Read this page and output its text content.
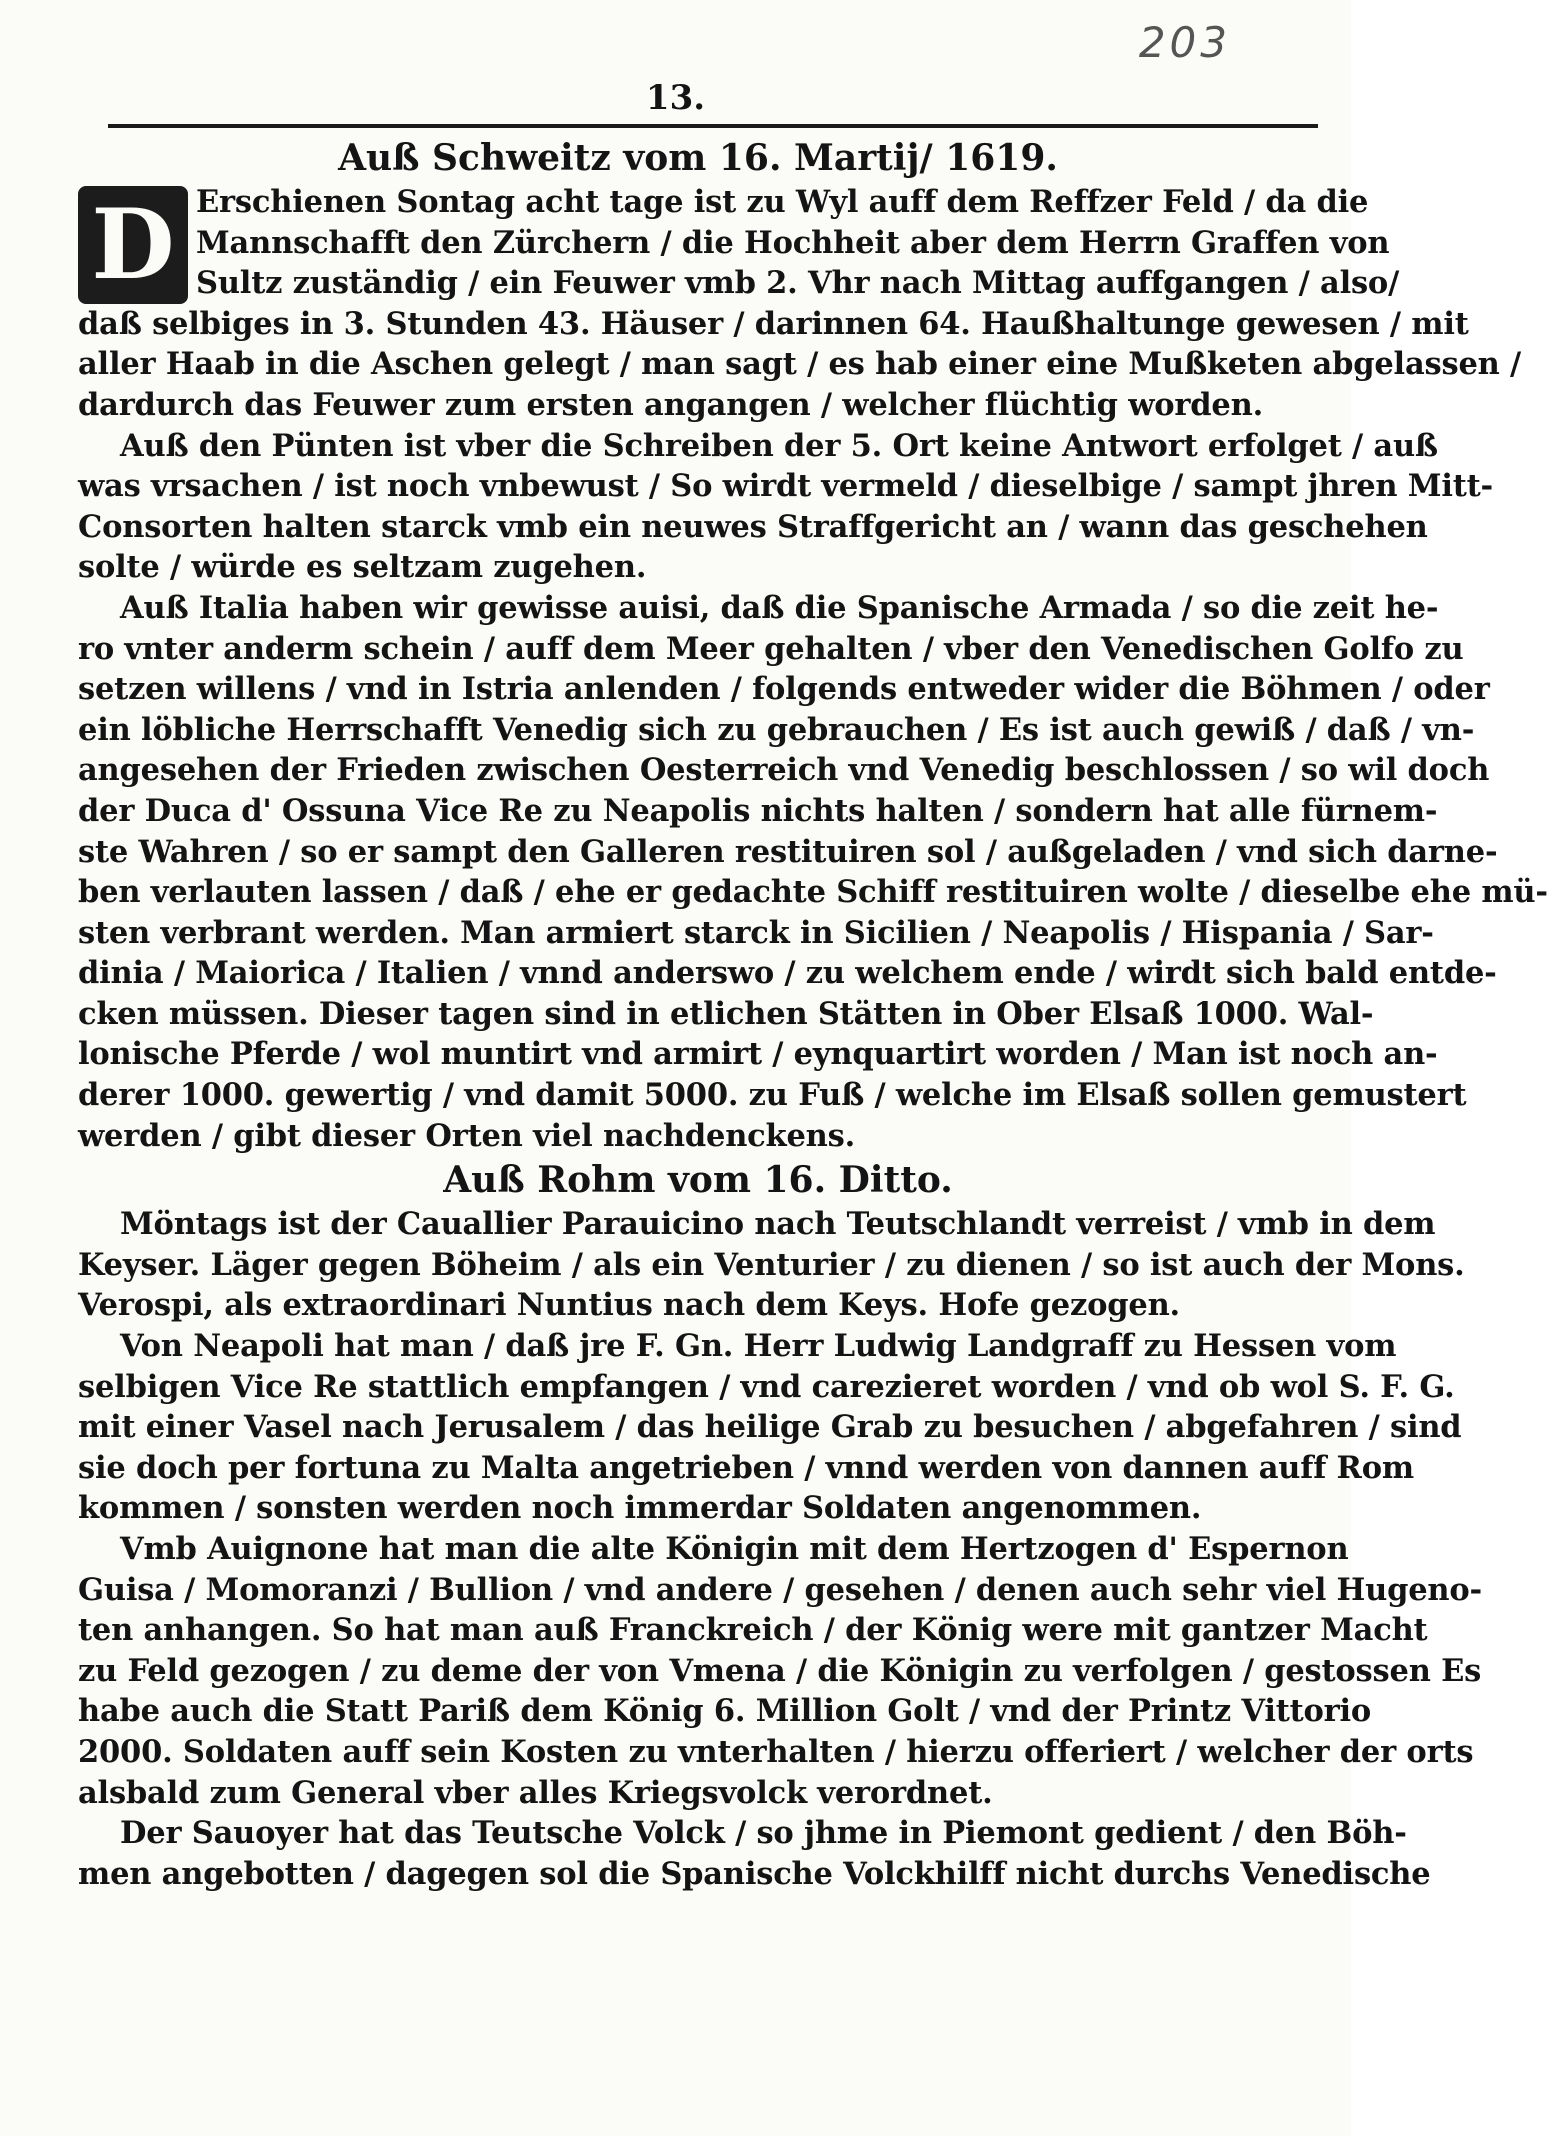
203
13.
Auß Schweitz vom 16. Martij/ 1619.
D Erschienen Sontag acht tage ist zu Wyl auff dem Reffzer Feld / da die
Mannschafft den Zürchern / die Hochheit aber dem Herrn Graffen von
Sultz zuständig / ein Feuwer vmb 2. Vhr nach Mittag auffgangen / also/
daß selbiges in 3. Stunden 43. Häuser / darinnen 64. Haußhaltunge gewesen / mit
aller Haab in die Aschen gelegt / man sagt / es hab einer eine Mußketen abgelassen /
dardurch das Feuwer zum ersten angangen / welcher flüchtig worden.

Auß den Pünten ist vber die Schreiben der 5. Ort keine Antwort erfolget / auß
was vrsachen / ist noch vnbewust / So wirdt vermeld / dieselbige / sampt jhren Mitt-
Consorten halten starck vmb ein neuwes Straffgericht an / wann das geschehen
solte / würde es seltzam zugehen.

Auß Italia haben wir gewisse auisi, daß die Spanische Armada / so die zeit he-
ro vnter anderm schein / auff dem Meer gehalten / vber den Venedischen Golfo zu
setzen willens / vnd in Istria anlenden / folgends entweder wider die Böhmen / oder
ein löbliche Herrschafft Venedig sich zu gebrauchen / Es ist auch gewiß / daß / vn-
angesehen der Frieden zwischen Oesterreich vnd Venedig beschlossen / so wil doch
der Duca d' Ossuna Vice Re zu Neapolis nichts halten / sondern hat alle fürnem-
ste Wahren / so er sampt den Galleren restituiren sol / außgeladen / vnd sich darne-
ben verlauten lassen / daß / ehe er gedachte Schiff restituiren wolte / dieselbe ehe mü-
sten verbrant werden. Man armiert starck in Sicilien / Neapolis / Hispania / Sar-
dinia / Maiorica / Italien / vnnd anderswo / zu welchem ende / wirdt sich bald entde-
cken müssen. Dieser tagen sind in etlichen Stätten in Ober Elsaß 1000. Wal-
lonische Pferde / wol muntirt vnd armirt / eynquartirt worden / Man ist noch an-
derer 1000. gewertig / vnd damit 5000. zu Fuß / welche im Elsaß sollen gemustert
werden / gibt dieser Orten viel nachdenckens.

Auß Rohm vom 16. Ditto.

Möntags ist der Cauallier Parauicino nach Teutschlandt verreist / vmb in dem
Keyser. Läger gegen Böheim / als ein Venturier / zu dienen / so ist auch der Mons.
Verospi, als extraordinari Nuntius nach dem Keys. Hofe gezogen.

Von Neapoli hat man / daß jre F. Gn. Herr Ludwig Landgraff zu Hessen vom
selbigen Vice Re stattlich empfangen / vnd carezieret worden / vnd ob wol S. F. G.
mit einer Vasel nach Jerusalem / das heilige Grab zu besuchen / abgefahren / sind
sie doch per fortuna zu Malta angetrieben / vnnd werden von dannen auff Rom
kommen / sonsten werden noch immerdar Soldaten angenommen.

Vmb Auignone hat man die alte Königin mit dem Hertzogen d' Espernon
Guisa / Momoranzi / Bullion / vnd andere / gesehen / denen auch sehr viel Hugeno-
ten anhangen. So hat man auß Franckreich / der König were mit gantzer Macht
zu Feld gezogen / zu deme der von Vmena / die Königin zu verfolgen / gestossen Es
habe auch die Statt Pariß dem König 6. Million Golt / vnd der Printz Vittorio
2000. Soldaten auff sein Kosten zu vnterhalten / hierzu offeriert / welcher der orts
alsbald zum General vber alles Kriegsvolck verordnet.

Der Sauoyer hat das Teutsche Volck / so jhme in Piemont gedient / den Böh-
men angebotten / dagegen sol die Spanische Volckhilff nicht durchs Venedische
